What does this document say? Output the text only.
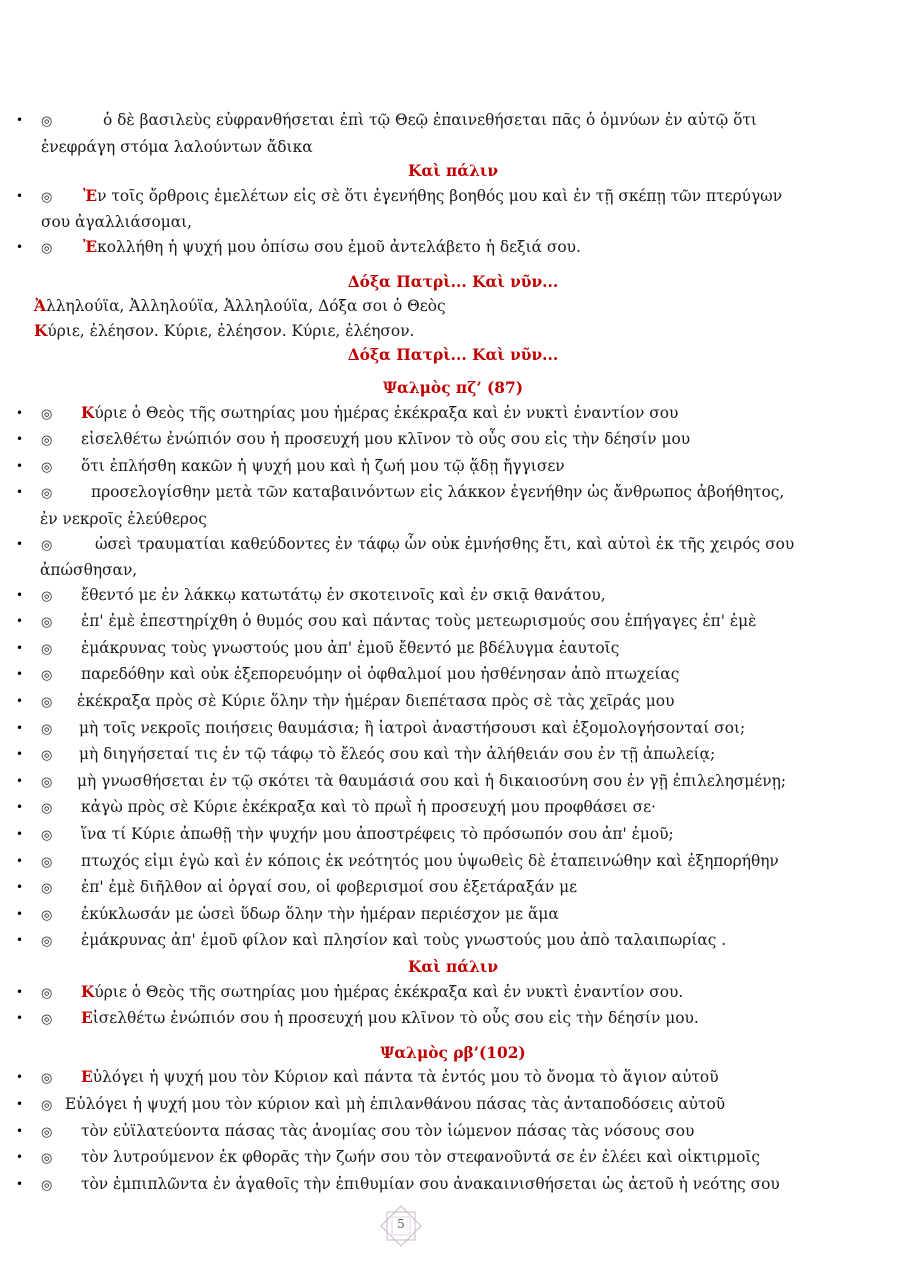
• ◎	ὁ δὲ βασιλεὺς εὐφρανθήσεται ἐπὶ τῷ Θεῷ ἐπαινεθήσεται πᾶς ὁ ὀμνύων ἐν αὐτῷ ὅτι
ἐνεφράγη στόμα λαλούντων ἄδικα
Καὶ πάλιν
• ◎ Ἐν τοῖς ὄρθροις ἐμελέτων εἰς σὲ ὅτι ἐγενήθης βοηθός μου καὶ ἐν τῇ σκέπῃ τῶν πτερύγων
σου ἀγαλλιάσομαι,
• ◎ Ἐκολλήθη ἡ ψυχή μου ὀπίσω σου ἐμοῦ ἀντελάβετο ἡ δεξιά σου.
Δόξα Πατρὶ... Καὶ νῦν...
Ἀλληλούϊα, Ἀλληλούϊα, Ἀλληλούϊα, Δόξα σοι ὁ Θεὸς
Κύριε, ἐλέησον. Κύριε, ἐλέησον. Κύριε, ἐλέησον.
Δόξα Πατρὶ... Καὶ νῦν...
Ψαλμὸς πζ’ (87)
• ◎ Κύριε ὁ Θεὸς τῆς σωτηρίας μου ἡμέρας ἐκέκραξα καὶ ἐν νυκτὶ ἐναντίον σου
• ◎ εἰσελθέτω ἐνώπιόν σου ἡ προσευχή μου κλῖνον τὸ οὖς σου εἰς τὴν δέησίν μου
• ◎ ὅτι ἐπλήσθη κακῶν ἡ ψυχή μου καὶ ἡ ζωή μου τῷ ᾅδῃ ἤγγισεν
• ◎	προσελογίσθην μετὰ τῶν καταβαινόντων εἰς λάκκον ἐγενήθην ὡς ἄνθρωπος ἀβοήθητος,
ἐν νεκροῖς ἐλεύθερος
• ◎	ὡσεὶ τραυματίαι καθεύδοντες ἐν τάφῳ ὧν οὐκ ἐμνήσθης ἔτι, καὶ αὐτοὶ ἐκ τῆς χειρός σου
ἀπώσθησαν,
• ◎ ἔθεντό με ἐν λάκκῳ κατωτάτῳ ἐν σκοτεινοῖς καὶ ἐν σκιᾷ θανάτου,
• ◎ ἐπ' ἐμὲ ἐπεστηρίχθη ὁ θυμός σου καὶ πάντας τοὺς μετεωρισμούς σου ἐπήγαγες ἐπ' ἐμὲ
• ◎ ἐμάκρυνας τοὺς γνωστούς μου ἀπ' ἐμοῦ ἔθεντό με βδέλυγμα ἑαυτοῖς
• ◎ παρεδόθην καὶ οὐκ ἐξεπορευόμην οἱ ὀφθαλμοί μου ἠσθένησαν ἀπὸ πτωχείας
• ◎ ἐκέκραξα πρὸς σὲ Κύριε ὅλην τὴν ἡμέραν διεπέτασα πρὸς σὲ τὰς χεῖράς μου
• ◎ μὴ τοῖς νεκροῖς ποιήσεις θαυμάσια; ἢ ἰατροὶ ἀναστήσουσι καὶ ἐξομολογήσονταί σοι;
• ◎ μὴ διηγήσεταί τις ἐν τῷ τάφῳ τὸ ἔλεός σου καὶ τὴν ἀλήθειάν σου ἐν τῇ ἀπωλείᾳ;
• ◎ μὴ γνωσθήσεται ἐν τῷ σκότει τὰ θαυμάσιά σου καὶ ἡ δικαιοσύνη σου ἐν γῇ ἐπιλελησμένῃ;
• ◎ κἀγὼ πρὸς σὲ Κύριε ἐκέκραξα καὶ τὸ πρωῒ ἡ προσευχή μου προφθάσει σε·
• ◎ ἵνα τί Κύριε ἀπωθῇ τὴν ψυχήν μου ἀποστρέφεις τὸ πρόσωπόν σου ἀπ' ἐμοῦ;
• ◎ πτωχός εἰμι ἐγὼ καὶ ἐν κόποις ἐκ νεότητός μου ὑψωθεὶς δὲ ἐταπεινώθην καὶ ἐξηπορήθην
• ◎ ἐπ' ἐμὲ διῆλθον αἱ ὀργαί σου, οἱ φοβερισμοί σου ἐξετάραξάν με
• ◎ ἐκύκλωσάν με ὡσεὶ ὕδωρ ὅλην τὴν ἡμέραν περιέσχον με ἅμα
• ◎ ἐμάκρυνας ἀπ' ἐμοῦ φίλον καὶ πλησίον καὶ τοὺς γνωστούς μου ἀπὸ ταλαιπωρίας .
Καὶ πάλιν
• ◎ Κύριε ὁ Θεὸς τῆς σωτηρίας μου ἡμέρας ἐκέκραξα καὶ ἐν νυκτὶ ἐναντίον σου.
• ◎ Εἰσελθέτω ἐνώπιόν σου ἡ προσευχή μου κλῖνον τὸ οὖς σου εἰς τὴν δέησίν μου.
Ψαλμὸς ρβ’(102)
• ◎ Εὐλόγει ἡ ψυχή μου τὸν Κύριον καὶ πάντα τὰ ἐντός μου τὸ ὄνομα τὸ ἅγιον αὐτοῦ
• ◎ Εὐλόγει ἡ ψυχή μου τὸν κύριον καὶ μὴ ἐπιλανθάνου πάσας τὰς ἀνταποδόσεις αὐτοῦ
• ◎ τὸν εὐϊλατεύοντα πάσας τὰς ἀνομίας σου τὸν ἰώμενον πάσας τὰς νόσους σου
• ◎ τὸν λυτρούμενον ἐκ φθορᾶς τὴν ζωήν σου τὸν στεφανοῦντά σε ἐν ἐλέει καὶ οἰκτιρμοῖς
• ◎ τὸν ἐμπιπλῶντα ἐν ἀγαθοῖς τὴν ἐπιθυμίαν σου ἀνακαινισθήσεται ὡς ἀετοῦ ἡ νεότης σου
5
